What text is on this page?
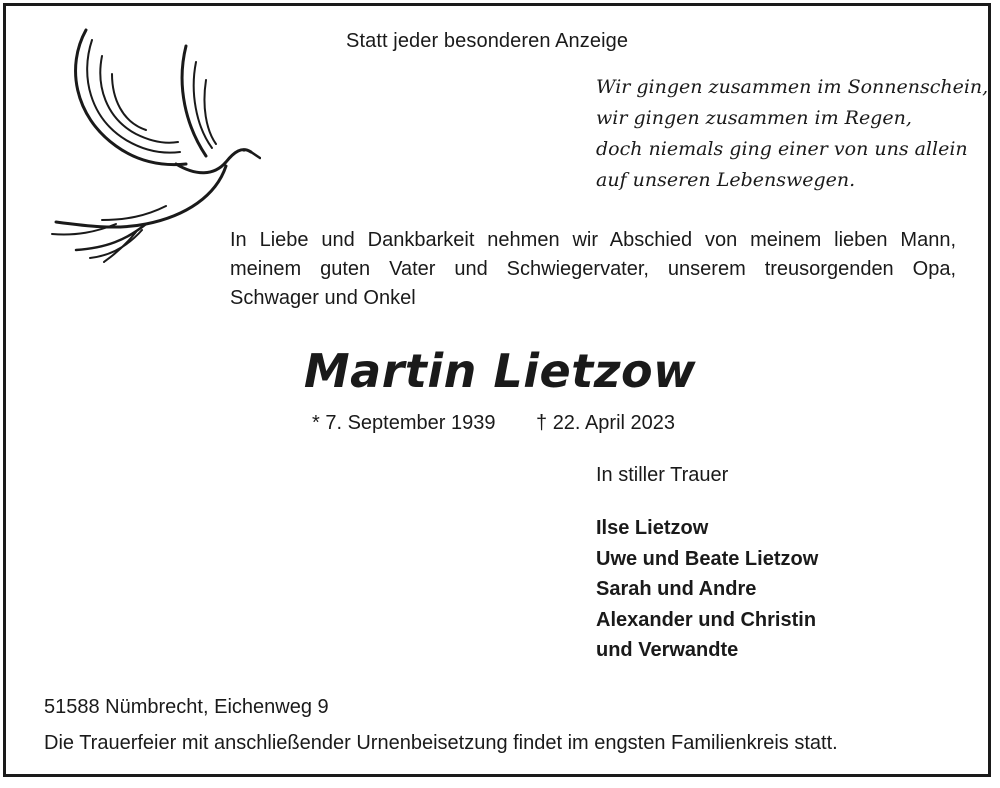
Statt jeder besonderen Anzeige
Wir gingen zusammen im Sonnenschein,
wir gingen zusammen im Regen,
doch niemals ging einer von uns allein
auf unseren Lebenswegen.
In Liebe und Dankbarkeit nehmen wir Abschied von meinem lieben Mann,
meinem guten Vater und Schwiegervater, unserem treusorgenden Opa,
Schwager und Onkel
Martin Lietzow
* 7. September 1939 † 22. April 2023
In stiller Trauer
Ilse Lietzow
Uwe und Beate Lietzow
Sarah und Andre
Alexander und Christin
und Verwandte
51588 Nümbrecht, Eichenweg 9
Die Trauerfeier mit anschließender Urnenbeisetzung findet im engsten Familienkreis statt.
